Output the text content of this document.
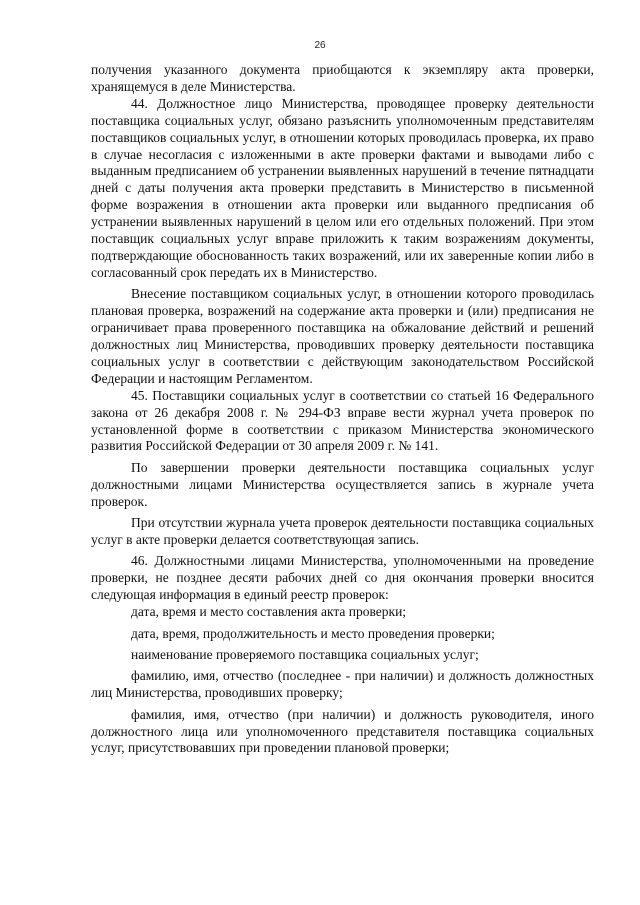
26

получения указанного документа приобщаются к экземпляру акта проверки, хранящемуся в деле Министерства.

44. Должностное лицо Министерства, проводящее проверку деятельности поставщика социальных услуг, обязано разъяснить уполномоченным представителям поставщиков социальных услуг, в отношении которых проводилась проверка, их право в случае несогласия с изложенными в акте проверки фактами и выводами либо с выданным предписанием об устранении выявленных нарушений в течение пятнадцати дней с даты получения акта проверки представить в Министерство в письменной форме возражения в отношении акта проверки или выданного предписания об устранении выявленных нарушений в целом или его отдельных положений. При этом поставщик социальных услуг вправе приложить к таким возражениям документы, подтверждающие обоснованность таких возражений, или их заверенные копии либо в согласованный срок передать их в Министерство.

Внесение поставщиком социальных услуг, в отношении которого проводилась плановая проверка, возражений на содержание акта проверки и (или) предписания не ограничивает права проверенного поставщика на обжалование действий и решений должностных лиц Министерства, проводивших проверку деятельности поставщика социальных услуг в соответствии с действующим законодательством Российской Федерации и настоящим Регламентом.

45. Поставщики социальных услуг в соответствии со статьей 16 Федерального закона от 26 декабря 2008 г. № 294-ФЗ вправе вести журнал учета проверок по установленной форме в соответствии с приказом Министерства экономического развития Российской Федерации от 30 апреля 2009 г. № 141.

По завершении проверки деятельности поставщика социальных услуг должностными лицами Министерства осуществляется запись в журнале учета проверок.

При отсутствии журнала учета проверок деятельности поставщика социальных услуг в акте проверки делается соответствующая запись.

46. Должностными лицами Министерства, уполномоченными на проведение проверки, не позднее десяти рабочих дней со дня окончания проверки вносится следующая информация в единый реестр проверок:

дата, время и место составления акта проверки;

дата, время, продолжительность и место проведения проверки;

наименование проверяемого поставщика социальных услуг;

фамилию, имя, отчество (последнее - при наличии) и должность должностных лиц Министерства, проводивших проверку;

фамилия, имя, отчество (при наличии) и должность руководителя, иного должностного лица или уполномоченного представителя поставщика социальных услуг, присутствовавших при проведении плановой проверки;
